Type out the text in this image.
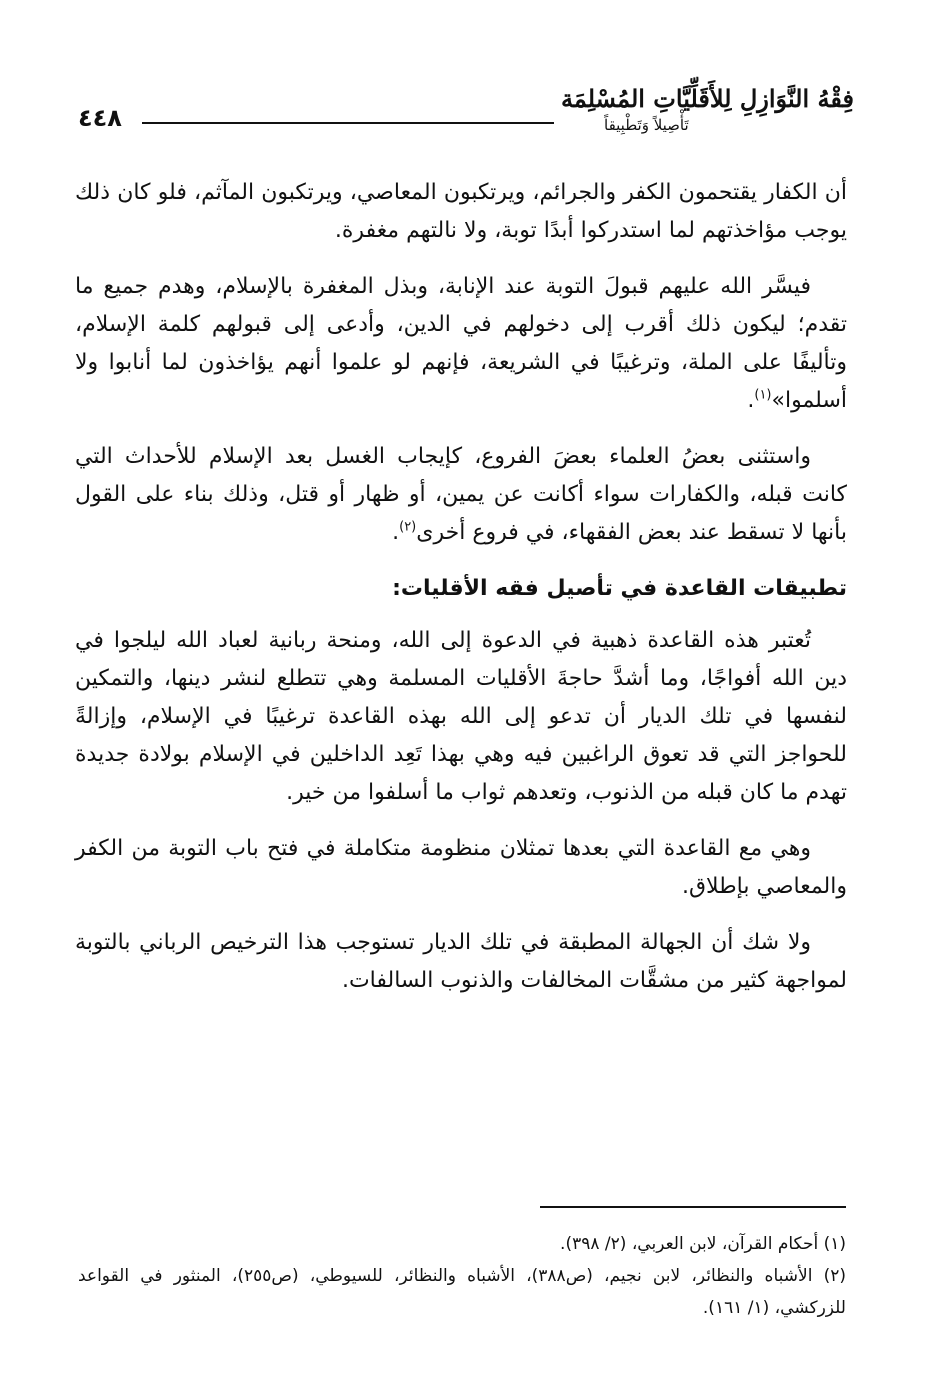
٤٤٨
فِقْهُ النَّوَازِلِ لِلأَقَلِّيَّاتِ المُسْلِمَة
تَأْصِيلاً وَتَطْبِيقاً

أن الكفار يقتحمون الكفر والجرائم، ويرتكبون المعاصي، ويرتكبون المآثم، فلو كان ذلك يوجب مؤاخذتهم لما استدركوا أبدًا توبة، ولا نالتهم مغفرة.

فيسَّر الله عليهم قبولَ التوبة عند الإنابة، وبذل المغفرة بالإسلام، وهدم جميع ما تقدم؛ ليكون ذلك أقرب إلى دخولهم في الدين، وأدعى إلى قبولهم كلمة الإسلام، وتأليفًا على الملة، وترغيبًا في الشريعة، فإنهم لو علموا أنهم يؤاخذون لما أنابوا ولا أسلموا»$^{(١)}$.

واستثنى بعضُ العلماء بعضَ الفروع، كإيجاب الغسل بعد الإسلام للأحداث التي كانت قبله، والكفارات سواء أكانت عن يمين، أو ظهار أو قتل، وذلك بناء على القول بأنها لا تسقط عند بعض الفقهاء، في فروع أخرى$^{(٢)}$.

تطبيقات القاعدة في تأصيل فقه الأقليات:

تُعتبر هذه القاعدة ذهبية في الدعوة إلى الله، ومنحة ربانية لعباد الله ليلجوا في دين الله أفواجًا، وما أشدَّ حاجةَ الأقليات المسلمة وهي تتطلع لنشر دينها، والتمكين لنفسها في تلك الديار أن تدعو إلى الله بهذه القاعدة ترغيبًا في الإسلام، وإزالةً للحواجز التي قد تعوق الراغبين فيه وهي بهذا تَعِد الداخلين في الإسلام بولادة جديدة تهدم ما كان قبله من الذنوب، وتعدهم ثواب ما أسلفوا من خير.

وهي مع القاعدة التي بعدها تمثلان منظومة متكاملة في فتح باب التوبة من الكفر والمعاصي بإطلاق.

ولا شك أن الجهالة المطبقة في تلك الديار تستوجب هذا الترخيص الرباني بالتوبة لمواجهة كثير من مشقَّات المخالفات والذنوب السالفات.

(١) أحكام القرآن، لابن العربي، (٢/ ٣٩٨).

(٢) الأشباه والنظائر، لابن نجيم، (ص٣٨٨)، الأشباه والنظائر، للسيوطي، (ص٢٥٥)، المنثور في القواعد للزركشي، (١/ ١٦١).
